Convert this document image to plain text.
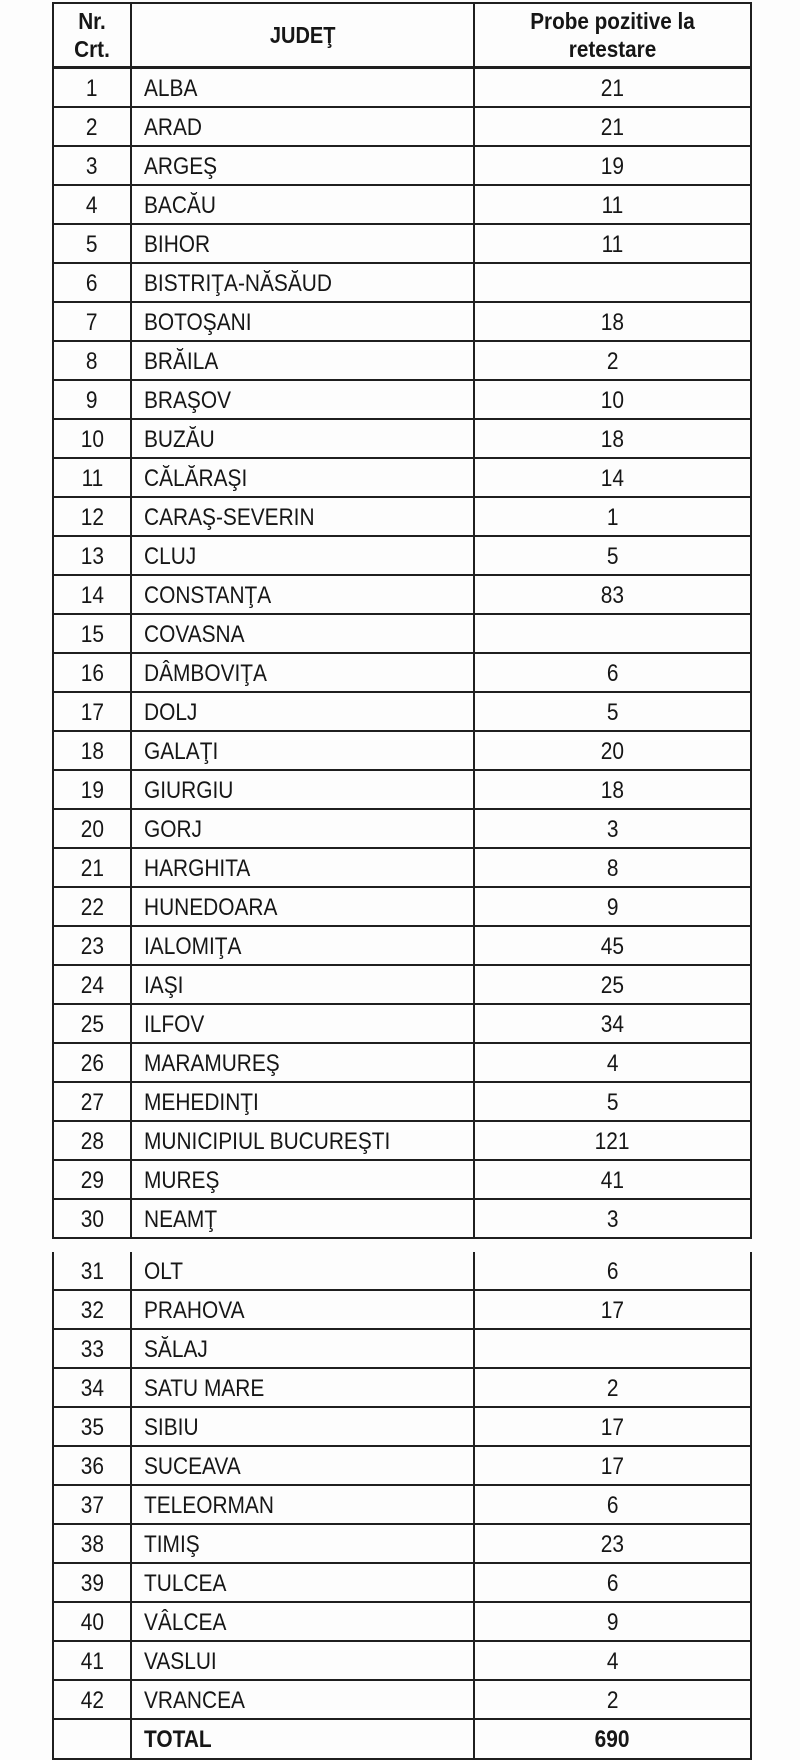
Nr.
Crt.	JUDEŢ	Probe pozitive la
retestare

1	ALBA	21
2	ARAD	21
3	ARGEŞ	19
4	BACĂU	11
5	BIHOR	11
6	BISTRIŢA-NĂSĂUD	
7	BOTOŞANI	18
8	BRĂILA	2
9	BRAŞOV	10
10	BUZĂU	18
11	CĂLĂRAŞI	14
12	CARAŞ-SEVERIN	1
13	CLUJ	5
14	CONSTANŢA	83
15	COVASNA	
16	DÂMBOVIŢA	6
17	DOLJ	5
18	GALAŢI	20
19	GIURGIU	18
20	GORJ	3
21	HARGHITA	8
22	HUNEDOARA	9
23	IALOMIŢA	45
24	IAŞI	25
25	ILFOV	34
26	MARAMUREŞ	4
27	MEHEDINŢI	5
28	MUNICIPIUL BUCUREŞTI	121
29	MUREŞ	41
30	NEAMŢ	3
31	OLT	6
32	PRAHOVA	17
33	SĂLAJ	
34	SATU MARE	2
35	SIBIU	17
36	SUCEAVA	17
37	TELEORMAN	6
38	TIMIŞ	23
39	TULCEA	6
40	VÂLCEA	9
41	VASLUI	4
42	VRANCEA	2
	TOTAL	690
